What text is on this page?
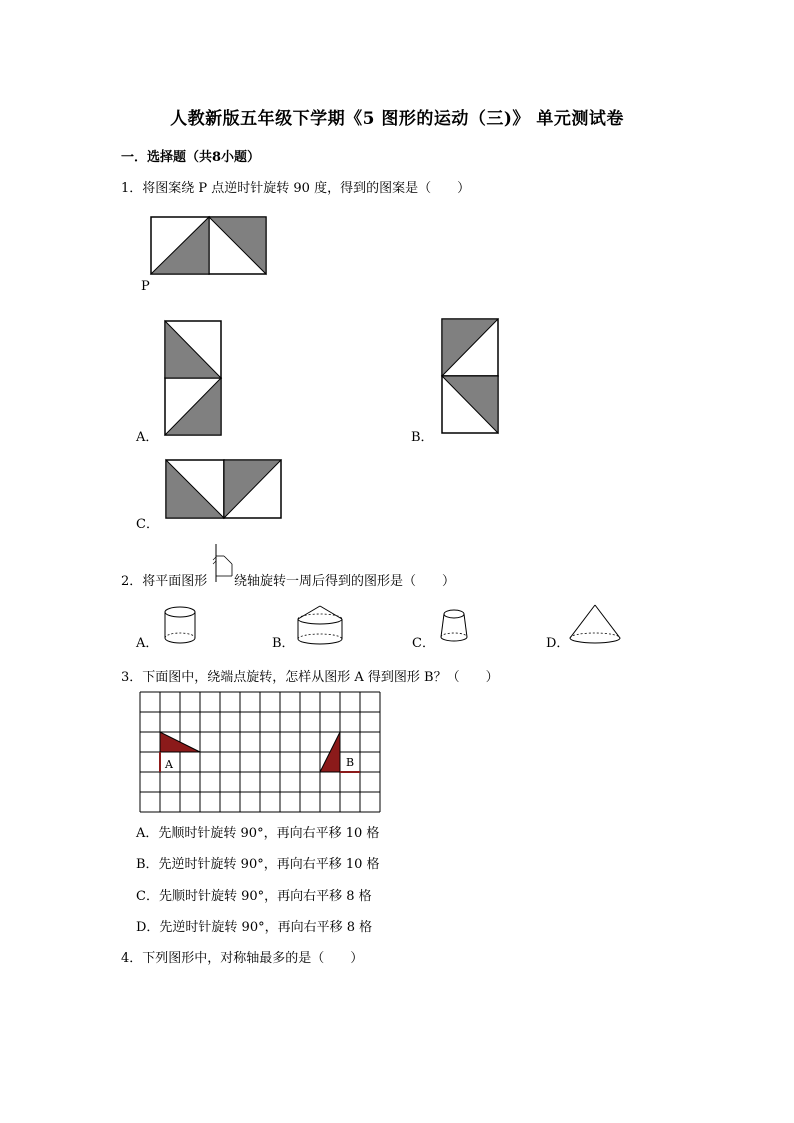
人教新版五年级下学期《5 图形的运动（三)》 单元测试卷
一．选择题（共8小题）
1．将图案绕 P 点逆时针旋转 90 度，得到的图案是（　　）
P
A．	B．
C．
2．将平面图形 绕轴旋转一周后得到的图形是（　　）
A．	B．	C．	D．
3．下面图中，绕端点旋转，怎样从图形 A 得到图形 B？（　　）
A	B
A．先顺时针旋转 90°，再向右平移 10 格
B．先逆时针旋转 90°，再向右平移 10 格
C．先顺时针旋转 90°，再向右平移 8 格
D．先逆时针旋转 90°，再向右平移 8 格
4．下列图形中，对称轴最多的是（　　）
